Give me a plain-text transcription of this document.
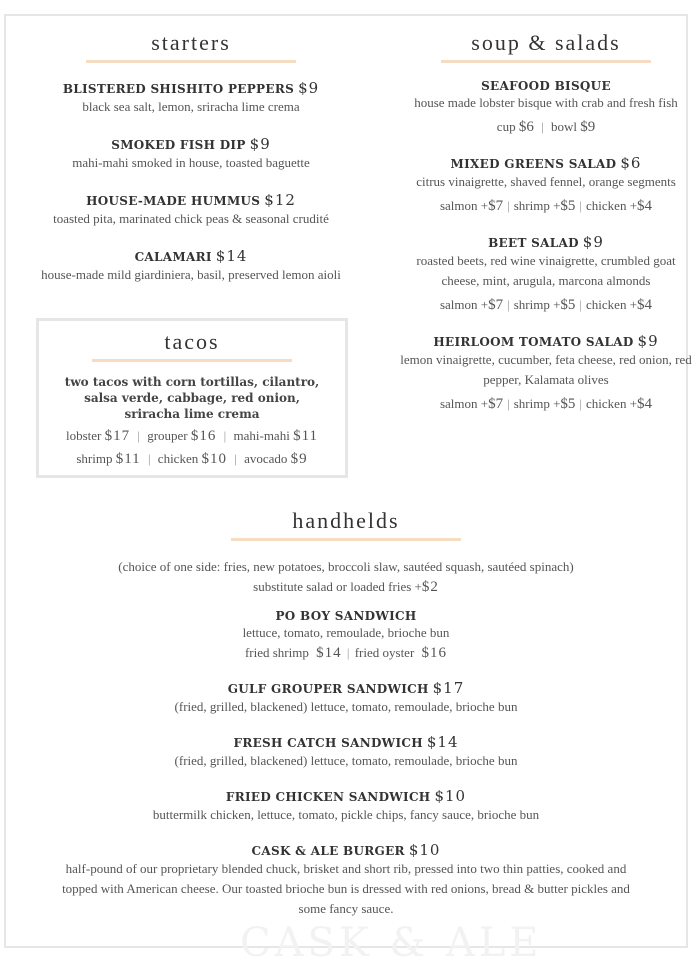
starters
BLISTERED SHISHITO PEPPERS $9
black sea salt, lemon, sriracha lime crema
SMOKED FISH DIP $9
mahi-mahi smoked in house, toasted baguette
HOUSE-MADE HUMMUS $12
toasted pita, marinated chick peas & seasonal crudité
CALAMARI $14
house-made mild giardiniera, basil, preserved lemon aioli
tacos
two tacos with corn tortillas, cilantro, salsa verde, cabbage, red onion, sriracha lime crema
lobster $17 | grouper $16 | mahi-mahi $11
shrimp $11 | chicken $10 | avocado $9
soup & salads
SEAFOOD BISQUE
house made lobster bisque with crab and fresh fish
cup $6 | bowl $9
MIXED GREENS SALAD $6
citrus vinaigrette, shaved fennel, orange segments
salmon +$7 | shrimp +$5 | chicken +$4
BEET SALAD $9
roasted beets, red wine vinaigrette, crumbled goat cheese, mint, arugula, marcona almonds
salmon +$7 | shrimp +$5 | chicken +$4
HEIRLOOM TOMATO SALAD $9
lemon vinaigrette, cucumber, feta cheese, red onion, red pepper, Kalamata olives
salmon +$7 | shrimp +$5 | chicken +$4
handhelds
(choice of one side: fries, new potatoes, broccoli slaw, sautéed squash, sautéed spinach)
substitute salad or loaded fries +$2
PO BOY SANDWICH
lettuce, tomato, remoulade, brioche bun
fried shrimp $14 | fried oyster $16
GULF GROUPER SANDWICH $17
(fried, grilled, blackened) lettuce, tomato, remoulade, brioche bun
FRESH CATCH SANDWICH $14
(fried, grilled, blackened) lettuce, tomato, remoulade, brioche bun
FRIED CHICKEN SANDWICH $10
buttermilk chicken, lettuce, tomato, pickle chips, fancy sauce, brioche bun
CASK & ALE BURGER $10
half-pound of our proprietary blended chuck, brisket and short rib, pressed into two thin patties, cooked and topped with American cheese. Our toasted brioche bun is dressed with red onions, bread & butter pickles and some fancy sauce.
CASK & ALE
